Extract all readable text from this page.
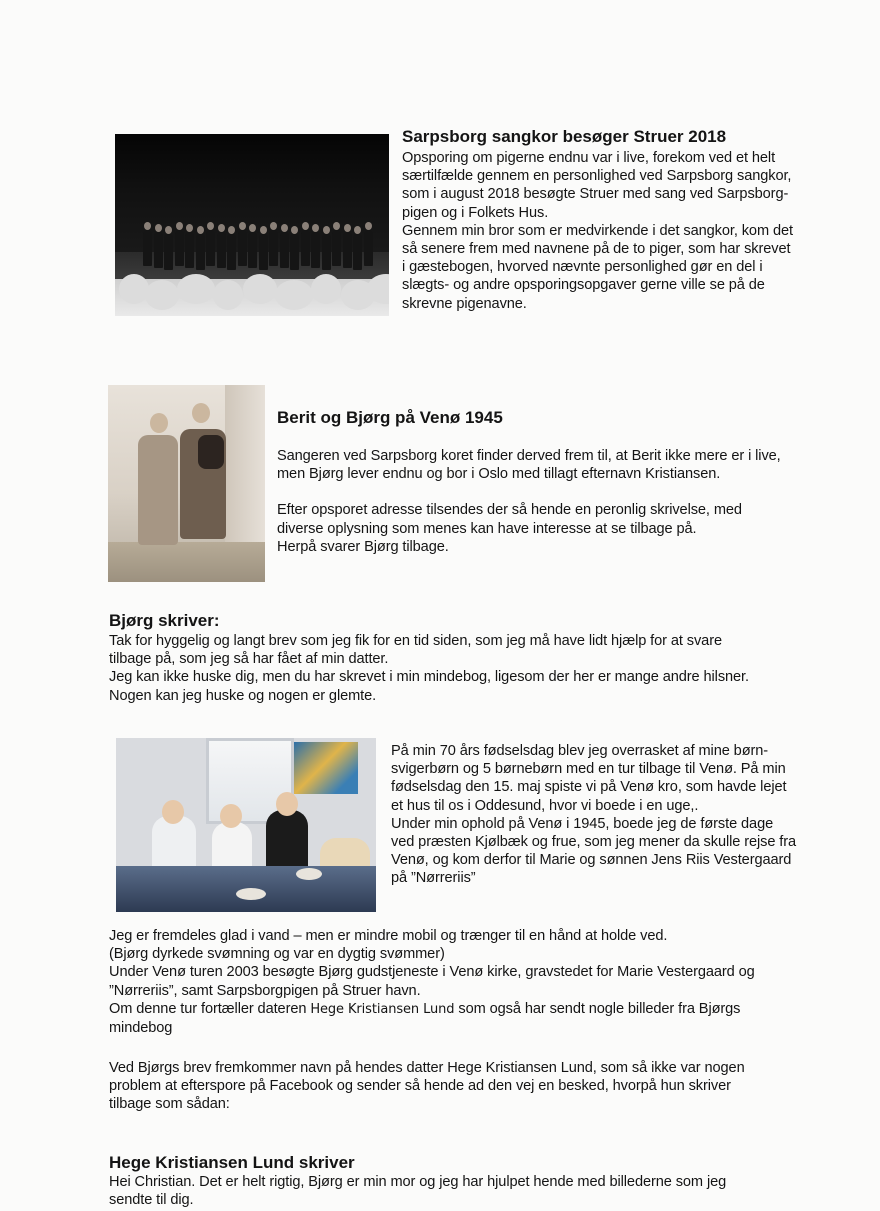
Sarpsborg sangkor besøger Struer 2018
Opsporing om pigerne endnu var i live, forekom ved et helt
særtilfælde gennem en personlighed ved Sarpsborg sangkor,
som i august 2018 besøgte Struer med sang ved Sarpsborg-
pigen og i Folkets Hus.
Gennem min bror som er medvirkende i det sangkor, kom det
så senere frem med navnene på de to piger, som har skrevet
i gæstebogen, hvorved nævnte personlighed gør en del i
slægts- og andre opsporingsopgaver gerne ville se på de
skrevne pigenavne.
Berit og Bjørg på Venø 1945
Sangeren ved Sarpsborg koret finder derved frem til, at Berit ikke mere er i live,
men Bjørg lever endnu og bor i Oslo med tillagt efternavn Kristiansen.
Efter opsporet adresse tilsendes der så hende en peronlig skrivelse, med
diverse oplysning som menes kan have interesse at se tilbage på.
Herpå svarer Bjørg tilbage.
Bjørg skriver:
Tak for hyggelig og langt brev som jeg fik for en tid siden, som jeg må have lidt hjælp for at svare
tilbage på, som jeg så har fået af min datter.
Jeg kan ikke huske dig, men du har skrevet i min mindebog, ligesom der her er mange andre hilsner.
Nogen kan jeg huske og nogen er glemte.
På min 70 års fødselsdag blev jeg overrasket af mine børn-
svigerbørn og 5 børnebørn med en tur tilbage til Venø. På min
fødselsdag den 15. maj spiste vi på Venø kro, som havde lejet
et hus til os i Oddesund, hvor vi boede i en uge,.
Under min ophold på Venø i 1945, boede jeg de første dage
ved præsten Kjølbæk og frue, som jeg mener da skulle rejse fra
Venø, og kom derfor til Marie og sønnen Jens Riis Vestergaard
på ”Nørreriis”
Jeg er fremdeles glad i vand – men er mindre mobil og trænger til en hånd at holde ved.
(Bjørg dyrkede svømning og var en dygtig svømmer)
Under Venø turen 2003 besøgte Bjørg gudstjeneste i Venø kirke, gravstedet for Marie Vestergaard og
”Nørreriis”, samt Sarpsborgpigen på Struer havn.
Om denne tur fortæller dateren Hege Kristiansen Lund som også har sendt nogle billeder fra Bjørgs
mindebog
Ved Bjørgs brev fremkommer navn på hendes datter Hege Kristiansen Lund, som så ikke var nogen
problem at efterspore på Facebook og sender så hende ad den vej en besked, hvorpå hun skriver
tilbage som sådan:
Hege Kristiansen Lund skriver
Hei Christian. Det er helt rigtig, Bjørg er min mor og jeg har hjulpet hende med billederne som jeg
sendte til dig.
